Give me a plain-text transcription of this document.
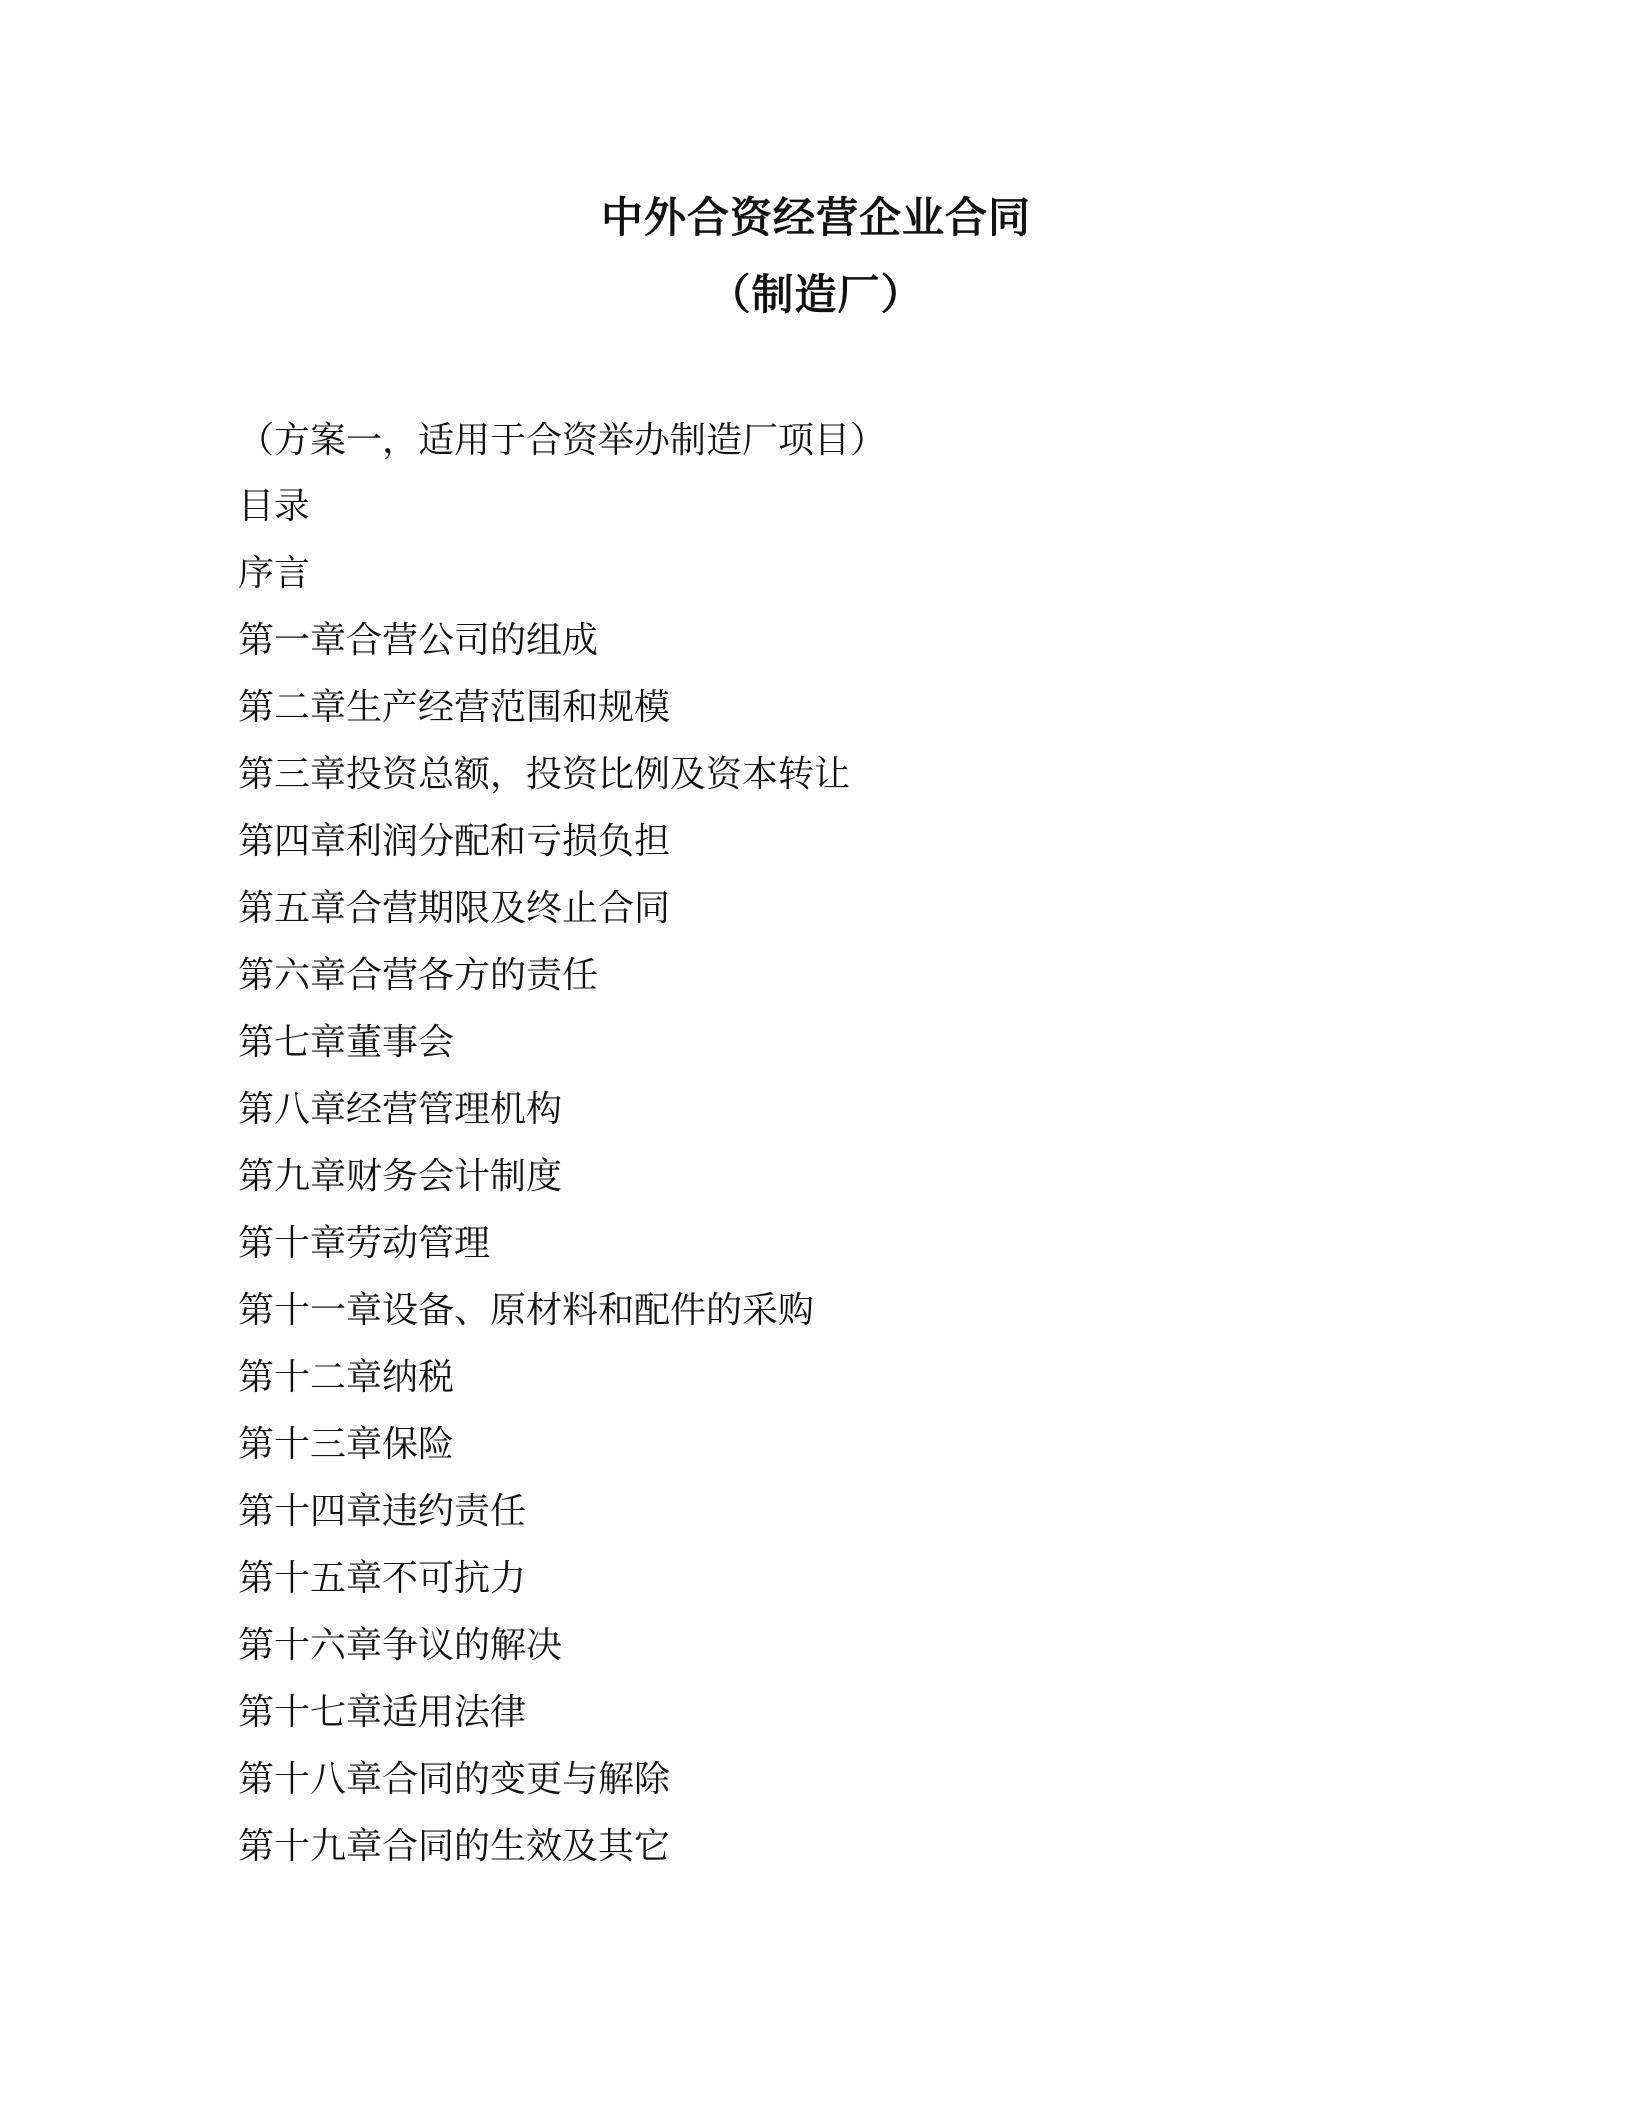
中外合资经营企业合同
（制造厂）
（方案一，适用于合资举办制造厂项目）
目录
序言
第一章合营公司的组成
第二章生产经营范围和规模
第三章投资总额，投资比例及资本转让
第四章利润分配和亏损负担
第五章合营期限及终止合同
第六章合营各方的责任
第七章董事会
第八章经营管理机构
第九章财务会计制度
第十章劳动管理
第十一章设备、原材料和配件的采购
第十二章纳税
第十三章保险
第十四章违约责任
第十五章不可抗力
第十六章争议的解决
第十七章适用法律
第十八章合同的变更与解除
第十九章合同的生效及其它
